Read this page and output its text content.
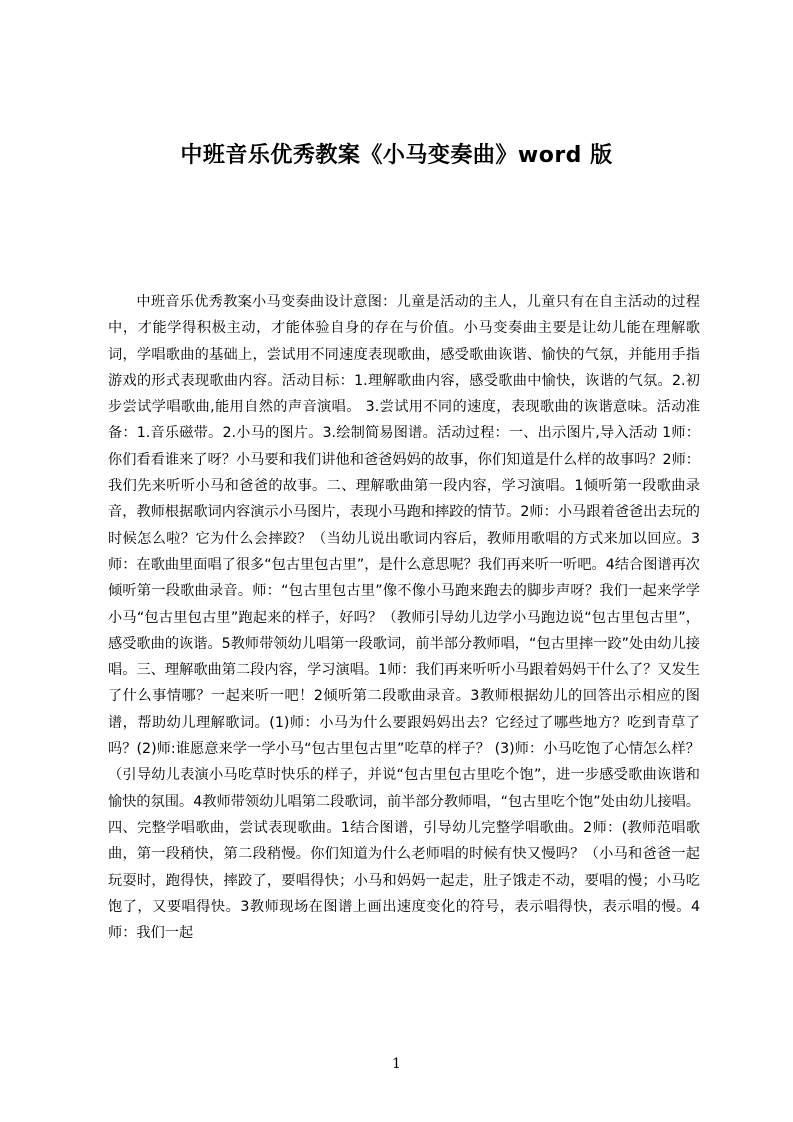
中班音乐优秀教案《小马变奏曲》word 版

中班音乐优秀教案小马变奏曲设计意图：儿童是活动的主人，儿童只有在自主活动的过程中，才能学得积极主动，才能体验自身的存在与价值。小马变奏曲主要是让幼儿能在理解歌词，学唱歌曲的基础上，尝试用不同速度表现歌曲，感受歌曲诙谐、愉快的气氛，并能用手指游戏的形式表现歌曲内容。活动目标：1.理解歌曲内容，感受歌曲中愉快，诙谐的气氛。2.初步尝试学唱歌曲,能用自然的声音演唱。 3.尝试用不同的速度，表现歌曲的诙谐意味。活动准备：1.音乐磁带。2.小马的图片。3.绘制简易图谱。活动过程：一、出示图片,导入活动 1师：你们看看谁来了呀？小马要和我们讲他和爸爸妈妈的故事，你们知道是什么样的故事吗？2师：我们先来听听小马和爸爸的故事。二、理解歌曲第一段内容，学习演唱。1倾听第一段歌曲录音，教师根据歌词内容演示小马图片，表现小马跑和摔跤的情节。2师：小马跟着爸爸出去玩的时候怎么啦？它为什么会摔跤？（当幼儿说出歌词内容后，教师用歌唱的方式来加以回应。3师：在歌曲里面唱了很多“包古里包古里”，是什么意思呢？我们再来听一听吧。4结合图谱再次倾听第一段歌曲录音。师：“包古里包古里”像不像小马跑来跑去的脚步声呀？我们一起来学学小马“包古里包古里”跑起来的样子，好吗？（教师引导幼儿边学小马跑边说“包古里包古里”，感受歌曲的诙谐。5教师带领幼儿唱第一段歌词，前半部分教师唱，“包古里摔一跤”处由幼儿接唱。三、理解歌曲第二段内容，学习演唱。1师：我们再来听听小马跟着妈妈干什么了？又发生了什么事情哪？一起来听一吧！2倾听第二段歌曲录音。3教师根据幼儿的回答出示相应的图谱，帮助幼儿理解歌词。(1)师：小马为什么要跟妈妈出去？它经过了哪些地方？吃到青草了吗？(2)师:谁愿意来学一学小马“包古里包古里”吃草的样子？ (3)师：小马吃饱了心情怎么样？（引导幼儿表演小马吃草时快乐的样子，并说“包古里包古里吃个饱”，进一步感受歌曲诙谐和愉快的氛围。4教师带领幼儿唱第二段歌词，前半部分教师唱，“包古里吃个饱”处由幼儿接唱。四、完整学唱歌曲，尝试表现歌曲。1结合图谱，引导幼儿完整学唱歌曲。2师：(教师范唱歌曲，第一段稍快，第二段稍慢。你们知道为什么老师唱的时候有快又慢吗？（小马和爸爸一起玩耍时，跑得快，摔跤了，要唱得快；小马和妈妈一起走，肚子饿走不动，要唱的慢；小马吃饱了，又要唱得快。3教师现场在图谱上画出速度变化的符号，表示唱得快，表示唱的慢。4师：我们一起

1
